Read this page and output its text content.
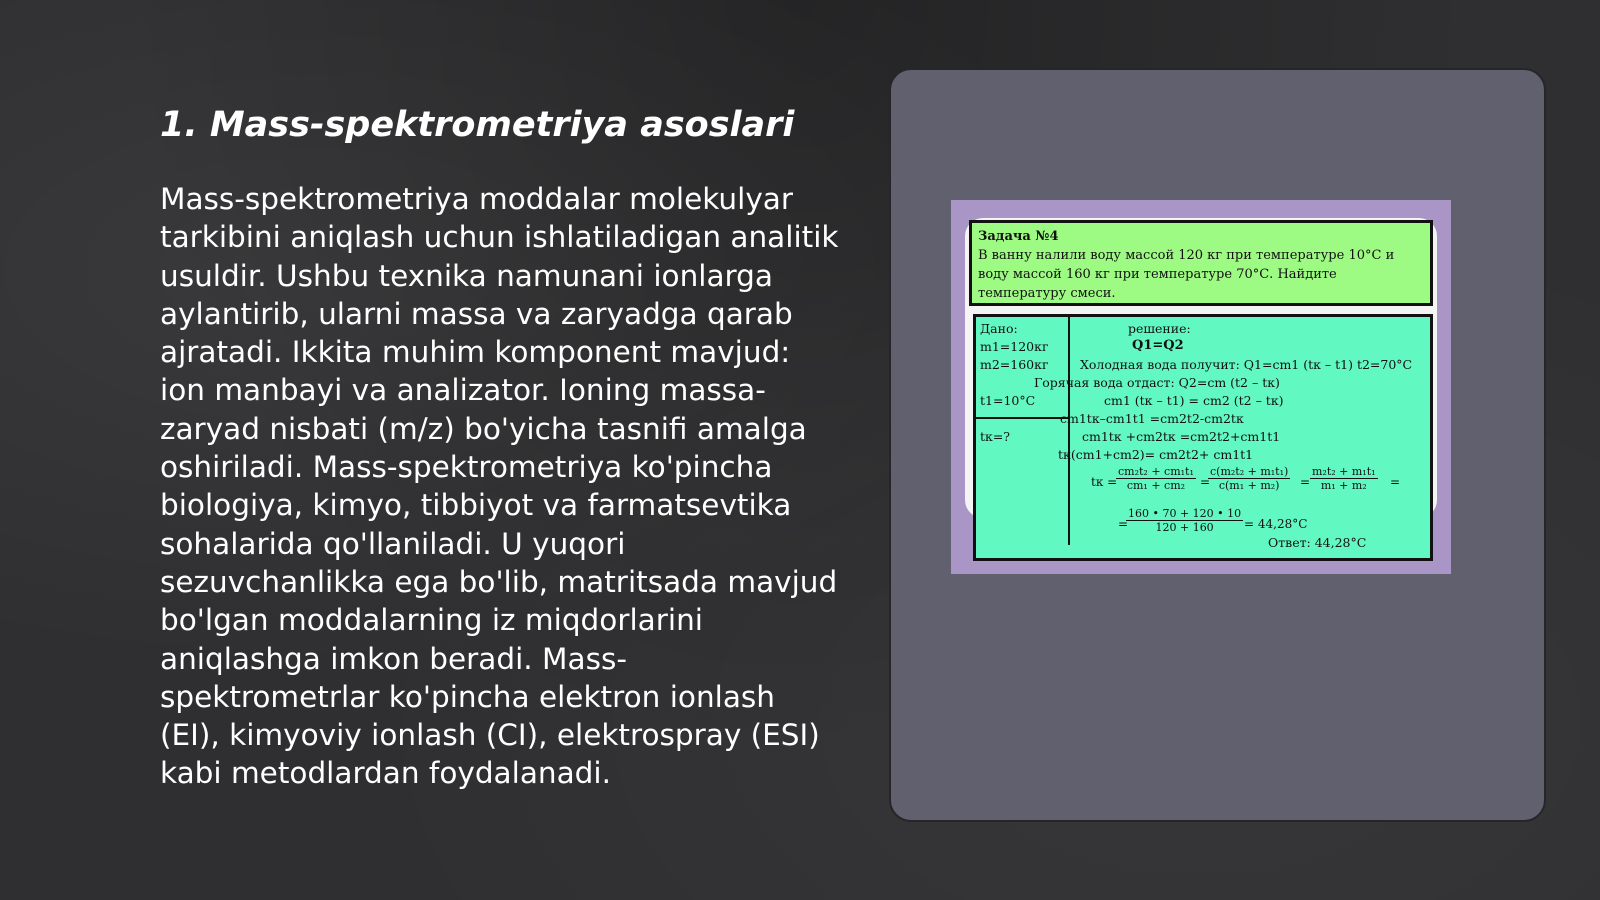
1. Mass-spektrometriya asoslari

Mass-spektrometriya moddalar molekulyar tarkibini aniqlash uchun ishlatiladigan analitik usuldir. Ushbu texnika namunani ionlarga aylantirib, ularni massa va zaryadga qarab ajratadi. Ikkita muhim komponent mavjud: ion manbayi va analizator. Ioning massa-zaryad nisbati (m/z) bo'yicha tasnifi amalga oshiriladi. Mass-spektrometriya ko'pincha biologiya, kimyo, tibbiyot va farmatsevtika sohalarida qo'llaniladi. U yuqori sezuvchanlikka ega bo'lib, matritsada mavjud bo'lgan moddalarning iz miqdorlarini aniqlashga imkon beradi. Mass-spektrometrlar ko'pincha elektron ionlash (EI), kimyoviy ionlash (CI), elektrospray (ESI) kabi metodlardan foydalanadi.

Задача №4
В ванну налили воду массой 120 кг при температуре 10°С и
воду массой 160 кг при температуре 70°С. Найдите
температуру смеси.
Дано:
m1=120кг
m2=160кг
t1=10°C
tк=?
решение:
Q1=Q2
Холодная вода получит: Q1=cm1 (tк – t1) t2=70°C
Горячая вода отдаст: Q2=cm (t2 – tк)
cm1 (tк – t1) = cm2 (t2 – tк)
cm1tк–cm1t1 =cm2t2-cm2tк
cm1tк +cm2tк =cm2t2+cm1t1
tк(cm1+cm2)= cm2t2+ cm1t1
tк =
$\frac{\text{cm₂t₂ + cm₁t₁}}{\text{cm₁ + cm₂}}$ =
$\frac{\text{c(m₂t₂ + m₁t₁)}}{\text{c(m₁ + m₂)}} = \frac{\text{m₂t₂ + m₁t₁}}{\text{m₁ + m₂}}$ =
=
$\frac{160 • 70 + 120 • 10}{120 + 160} = 44,28^\circ C$
Ответ: 44,28°C
